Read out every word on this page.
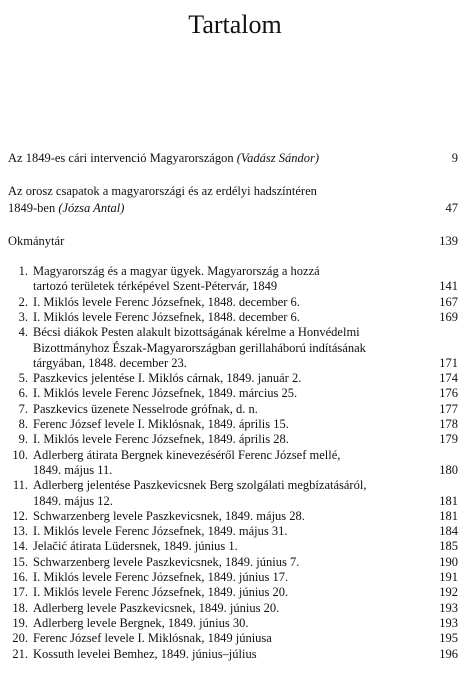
Tartalom
Az 1849-es cári intervenció Magyarországon (Vadász Sándor)	9
Az orosz csapatok a magyarországi és az erdélyi hadszíntéren
1849-ben (Józsa Antal)	47
Okmánytár	139
1. Magyarország és a magyar ügyek. Magyarország a hozzá
tartozó területek térképével Szent-Pétervár, 1849	141
2. I. Miklós levele Ferenc Józsefnek, 1848. december 6.	167
3. I. Miklós levele Ferenc Józsefnek, 1848. december 6.	169
4. Bécsi diákok Pesten alakult bizottságának kérelme a Honvédelmi
Bizottmányhoz Észak-Magyarországban gerillaháború indításának
tárgyában, 1848. december 23.	171
5. Paszkevics jelentése I. Miklós cárnak, 1849. január 2.	174
6. I. Miklós levele Ferenc Józsefnek, 1849. március 25.	176
7. Paszkevics üzenete Nesselrode grófnak, d. n.	177
8. Ferenc József levele I. Miklósnak, 1849. április 15.	178
9. I. Miklós levele Ferenc Józsefnek, 1849. április 28.	179
10. Adlerberg átirata Bergnek kinevezéséről Ferenc József mellé,
1849. május 11.	180
11. Adlerberg jelentése Paszkevicsnek Berg szolgálati megbízatásáról,
1849. május 12.	181
12. Schwarzenberg levele Paszkevicsnek, 1849. május 28.	181
13. I. Miklós levele Ferenc Józsefnek, 1849. május 31.	184
14. Jelačić átirata Lüdersnek, 1849. június 1.	185
15. Schwarzenberg levele Paszkevicsnek, 1849. június 7.	190
16. I. Miklós levele Ferenc Józsefnek, 1849. június 17.	191
17. I. Miklós levele Ferenc Józsefnek, 1849. június 20.	192
18. Adlerberg levele Paszkevicsnek, 1849. június 20.	193
19. Adlerberg levele Bergnek, 1849. június 30.	193
20. Ferenc József levele I. Miklósnak, 1849 júniusa	195
21. Kossuth levelei Bemhez, 1849. június–július	196
